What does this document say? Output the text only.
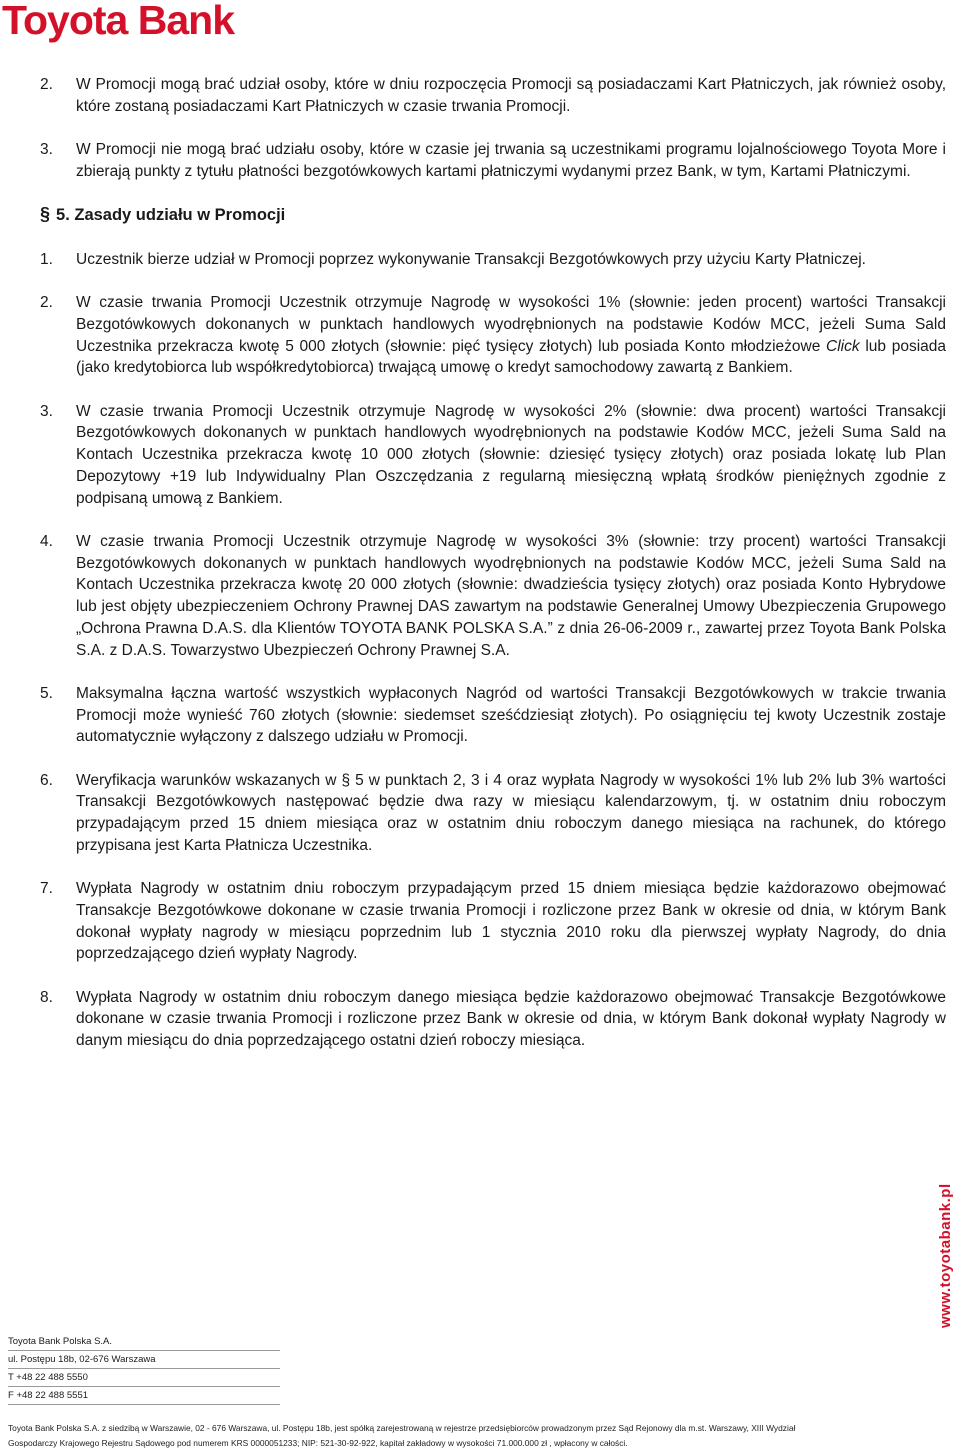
Toyota Bank
2.	W Promocji mogą brać udział osoby, które w dniu rozpoczęcia Promocji są posiadaczami Kart Płatniczych, jak również osoby, które zostaną posiadaczami Kart Płatniczych w czasie trwania Promocji.
3.	W Promocji nie mogą brać udziału osoby, które w czasie jej trwania są uczestnikami programu lojalnościowego Toyota More i zbierają punkty z tytułu płatności bezgotówkowych kartami płatniczymi wydanymi przez Bank, w tym, Kartami Płatniczymi.
§ 5. Zasady udziału w Promocji
1.	Uczestnik bierze udział w Promocji poprzez wykonywanie Transakcji Bezgotówkowych przy użyciu Karty Płatniczej.
2.	W czasie trwania Promocji Uczestnik otrzymuje Nagrodę w wysokości 1% (słownie: jeden procent) wartości Transakcji Bezgotówkowych dokonanych w punktach handlowych wyodrębnionych na podstawie Kodów MCC, jeżeli Suma Sald Uczestnika przekracza kwotę 5 000 złotych (słownie: pięć tysięcy złotych) lub posiada Konto młodzieżowe Click lub posiada (jako kredytobiorca lub współkredytobiorca) trwającą umowę o kredyt samochodowy zawartą z Bankiem.
3.	W czasie trwania Promocji Uczestnik otrzymuje Nagrodę w wysokości 2% (słownie: dwa procent) wartości Transakcji Bezgotówkowych dokonanych w punktach handlowych wyodrębnionych na podstawie Kodów MCC, jeżeli Suma Sald na Kontach Uczestnika przekracza kwotę 10 000 złotych (słownie: dziesięć tysięcy złotych) oraz posiada lokatę lub Plan Depozytowy +19 lub Indywidualny Plan Oszczędzania z regularną miesięczną wpłatą środków pieniężnych zgodnie z podpisaną umową z Bankiem.
4.	W czasie trwania Promocji Uczestnik otrzymuje Nagrodę w wysokości 3% (słownie: trzy procent) wartości Transakcji Bezgotówkowych dokonanych w punktach handlowych wyodrębnionych na podstawie Kodów MCC, jeżeli Suma Sald na Kontach Uczestnika przekracza kwotę 20 000 złotych (słownie: dwadzieścia tysięcy złotych) oraz posiada Konto Hybrydowe lub jest objęty ubezpieczeniem Ochrony Prawnej DAS zawartym na podstawie Generalnej Umowy Ubezpieczenia Grupowego „Ochrona Prawna D.A.S. dla Klientów TOYOTA BANK POLSKA S.A.” z dnia 26-06-2009 r., zawartej przez Toyota Bank Polska S.A. z D.A.S. Towarzystwo Ubezpieczeń Ochrony Prawnej S.A.
5.	Maksymalna łączna wartość wszystkich wypłaconych Nagród od wartości Transakcji Bezgotówkowych w trakcie trwania Promocji może wynieść 760 złotych (słownie: siedemset sześćdziesiąt złotych). Po osiągnięciu tej kwoty Uczestnik zostaje automatycznie wyłączony z dalszego udziału w Promocji.
6.	Weryfikacja warunków wskazanych w § 5 w punktach 2, 3 i 4 oraz wypłata Nagrody w wysokości 1% lub 2% lub 3% wartości Transakcji Bezgotówkowych następować będzie dwa razy w miesiącu kalendarzowym, tj. w ostatnim dniu roboczym przypadającym przed 15 dniem miesiąca oraz w ostatnim dniu roboczym danego miesiąca na rachunek, do którego przypisana jest Karta Płatnicza Uczestnika.
7.	Wypłata Nagrody w ostatnim dniu roboczym przypadającym przed 15 dniem miesiąca będzie każdorazowo obejmować Transakcje Bezgotówkowe dokonane w czasie trwania Promocji i rozliczone przez Bank w okresie od dnia, w którym Bank dokonał wypłaty nagrody w miesiącu poprzednim lub 1 stycznia 2010 roku dla pierwszej wypłaty Nagrody, do dnia poprzedzającego dzień wypłaty Nagrody.
8.	Wypłata Nagrody w ostatnim dniu roboczym danego miesiąca będzie każdorazowo obejmować Transakcje Bezgotówkowe dokonane w czasie trwania Promocji i rozliczone przez Bank w okresie od dnia, w którym Bank dokonał wypłaty Nagrody w danym miesiącu do dnia poprzedzającego ostatni dzień roboczy miesiąca.
www.toyotabank.pl
Toyota Bank Polska S.A.
ul. Postępu 18b, 02-676 Warszawa
T +48 22 488 5550
F +48 22 488 5551
Toyota Bank Polska S.A. z siedzibą w Warszawie, 02 - 676 Warszawa, ul. Postępu 18b, jest spółką zarejestrowaną w rejestrze przedsiębiorców prowadzonym przez Sąd Rejonowy dla m.st. Warszawy, XIII Wydział
Gospodarczy Krajowego Rejestru Sądowego pod numerem KRS 0000051233; NIP: 521-30-92-922, kapitał zakładowy w wysokości 71.000.000 zł , wpłacony w całości.
